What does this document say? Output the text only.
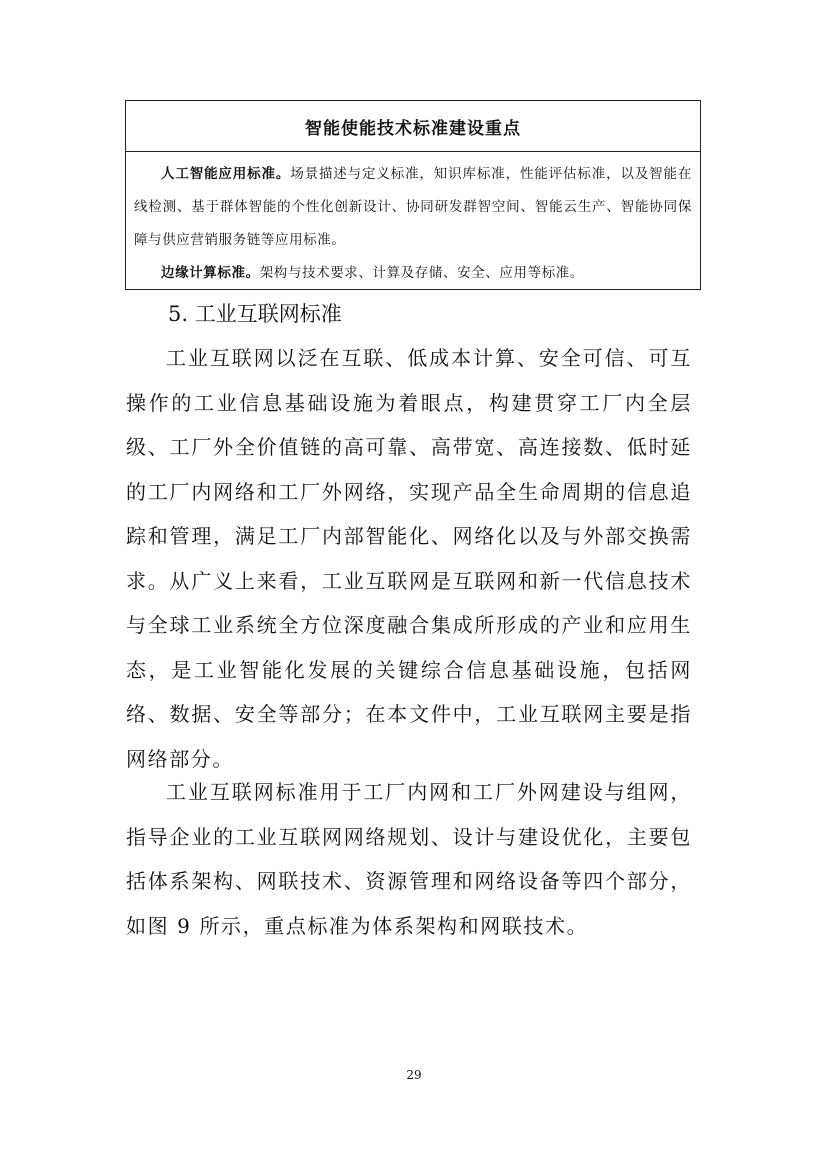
智能使能技术标准建设重点

人工智能应用标准。场景描述与定义标准，知识库标准，性能评估标准，以及智能在线检测、基于群体智能的个性化创新设计、协同研发群智空间、智能云生产、智能协同保障与供应营销服务链等应用标准。

边缘计算标准。架构与技术要求、计算及存储、安全、应用等标准。

5. 工业互联网标准

工业互联网以泛在互联、低成本计算、安全可信、可互操作的工业信息基础设施为着眼点，构建贯穿工厂内全层级、工厂外全价值链的高可靠、高带宽、高连接数、低时延的工厂内网络和工厂外网络，实现产品全生命周期的信息追踪和管理，满足工厂内部智能化、网络化以及与外部交换需求。从广义上来看，工业互联网是互联网和新一代信息技术与全球工业系统全方位深度融合集成所形成的产业和应用生态，是工业智能化发展的关键综合信息基础设施，包括网络、数据、安全等部分；在本文件中，工业互联网主要是指网络部分。

工业互联网标准用于工厂内网和工厂外网建设与组网，指导企业的工业互联网网络规划、设计与建设优化，主要包括体系架构、网联技术、资源管理和网络设备等四个部分，如图 9 所示，重点标准为体系架构和网联技术。

29
